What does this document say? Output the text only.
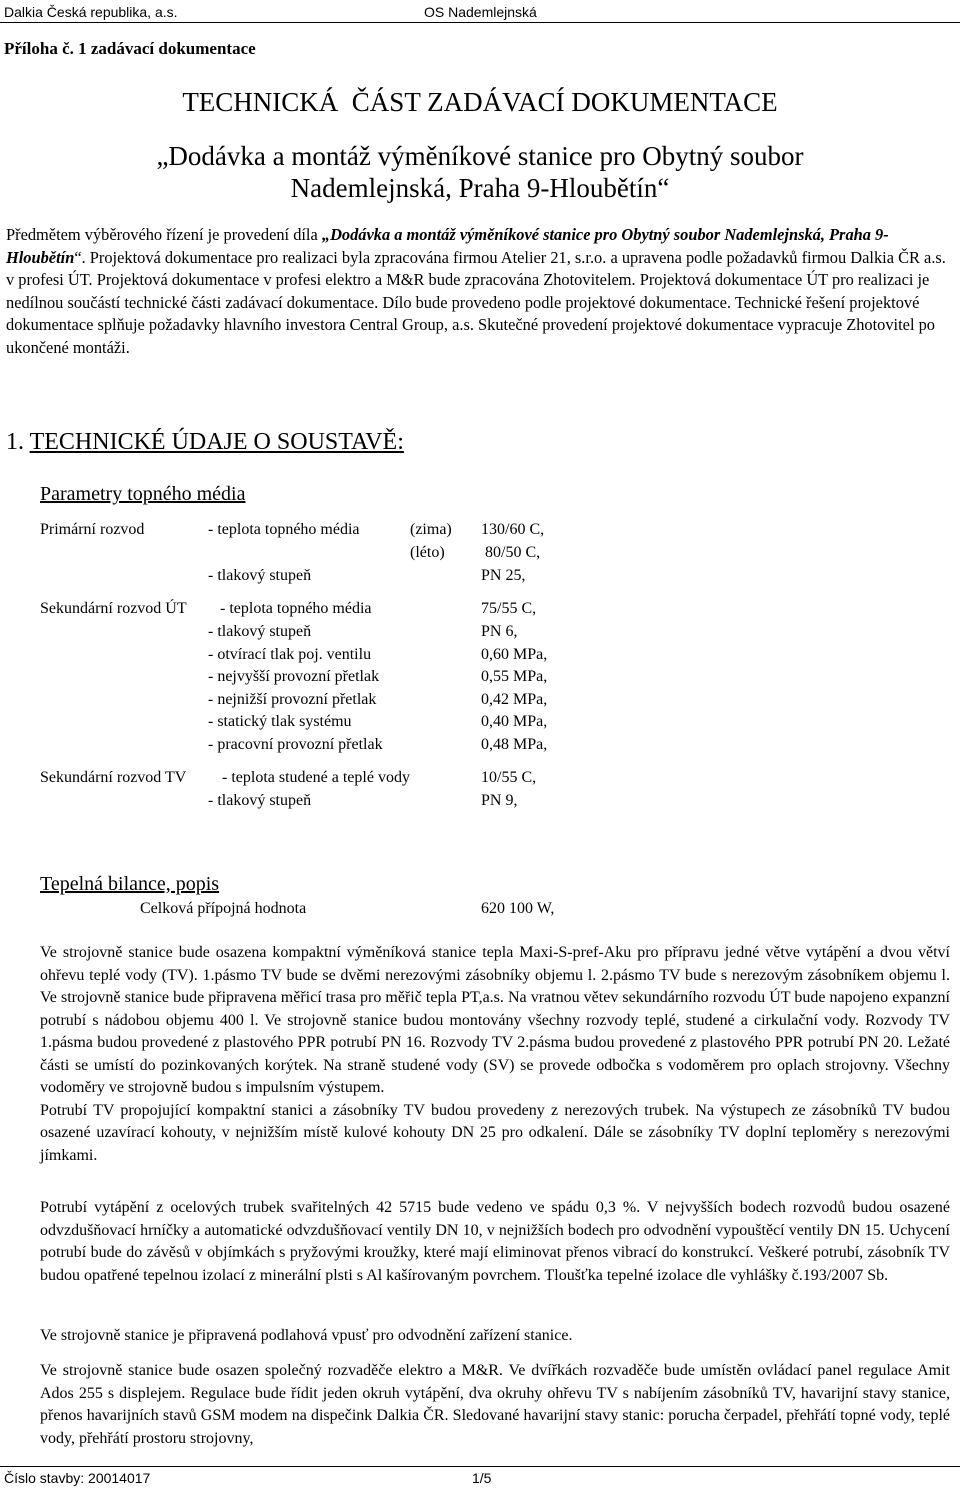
Dalkia Česká republika, a.s.	OS Nademlejnská
Příloha č. 1 zadávací dokumentace
TECHNICKÁ  ČÁST ZADÁVACÍ DOKUMENTACE
„Dodávka a montáž výměníkové stanice pro Obytný soubor Nademlejnská, Praha 9-Hloubětín“
Předmětem výběrového řízení je provedení díla „Dodávka a montáž výměníkové stanice pro Obytný soubor Nademlejnská, Praha 9-Hloubětín“. Projektová dokumentace pro realizaci byla zpracována firmou Atelier 21, s.r.o. a upravena podle požadavků firmou Dalkia ČR a.s. v profesi ÚT. Projektová dokumentace v profesi elektro a M&R bude zpracována Zhotovitelem. Projektová dokumentace ÚT pro realizaci je nedílnou součástí technické části zadávací dokumentace. Dílo bude provedeno podle projektové dokumentace. Technické řešení projektové dokumentace splňuje požadavky hlavního investora Central Group, a.s. Skutečné provedení projektové dokumentace vypracuje Zhotovitel po ukončené montáži.
1. TECHNICKÉ ÚDAJE O SOUSTAVĚ:
Parametry topného média
Primární rozvod	- teplota topného média	(zima) 130/60 C,
(léto) 80/50 C,
- tlakový stupeň	PN 25,
Sekundární rozvod ÚT - teplota topného média	75/55 C,
- tlakový stupeň	PN 6,
- otvírací tlak poj. ventilu	0,60 MPa,
- nejvyšší provozní přetlak	0,55 MPa,
- nejnižší provozní přetlak	0,42 MPa,
- statický tlak systému	0,40 MPa,
- pracovní provozní přetlak	0,48 MPa,
Sekundární rozvod TV - teplota studené a teplé vody	10/55 C,
- tlakový stupeň	PN 9,
Tepelná bilance, popis
Celková přípojná hodnota	620 100 W,

Ve strojovně stanice bude osazena kompaktní výměníková stanice tepla Maxi-S-pref-Aku pro přípravu jedné větve vytápění a dvou větví ohřevu teplé vody (TV). 1.pásmo TV bude se dvěmi nerezovými zásobníky objemu l. 2.pásmo TV bude s nerezovým zásobníkem objemu l. Ve strojovně stanice bude připravena měřicí trasa pro měřič tepla PT,a.s. Na vratnou větev sekundárního rozvodu ÚT bude napojeno expanzní potrubí s nádobou objemu 400 l. Ve strojovně stanice budou montovány všechny rozvody teplé, studené a cirkulační vody. Rozvody TV 1.pásma budou provedené z plastového PPR potrubí PN 16. Rozvody TV 2.pásma budou provedené z plastového PPR potrubí PN 20. Ležaté části se umístí do pozinkovaných korýtek. Na straně studené vody (SV) se provede odbočka s vodoměrem pro oplach strojovny. Všechny vodoměry ve strojovně budou s impulsním výstupem.

Potrubí TV propojující kompaktní stanici a zásobníky TV budou provedeny z nerezových trubek. Na výstupech ze zásobníků TV budou osazené uzavírací kohouty, v nejnižším místě kulové kohouty DN 25 pro odkalení. Dále se zásobníky TV doplní teploměry s nerezovými jímkami.

Potrubí vytápění z ocelových trubek svařitelných 42 5715 bude vedeno ve spádu 0,3 %. V nejvyšších bodech rozvodů budou osazené odvzdušňovací hrníčky a automatické odvzdušňovací ventily DN 10, v nejnižších bodech pro odvodnění vypouštěcí ventily DN 15. Uchycení potrubí bude do závěsů v objímkách s pryžovými kroužky, které mají eliminovat přenos vibrací do konstrukcí. Veškeré potrubí, zásobník TV budou opatřené tepelnou izolací z minerální plsti s Al kašírovaným povrchem. Tloušťka tepelné izolace dle vyhlášky č.193/2007 Sb.
Ve strojovně stanice je připravená podlahová vpusť pro odvodnění zařízení stanice.
Ve strojovně stanice bude osazen společný rozvaděče elektro a M&R. Ve dvířkách rozvaděče bude umístěn ovládací panel regulace Amit Ados 255 s displejem. Regulace bude řídit jeden okruh vytápění, dva okruhy ohřevu TV s nabíjením zásobníků TV, havarijní stavy stanice, přenos havarijních stavů GSM modem na dispečink Dalkia ČR. Sledované havarijní stavy stanic: porucha čerpadel, přehřátí topné vody, teplé vody, přehřátí prostoru strojovny,
Číslo stavby: 20014017	1/5
